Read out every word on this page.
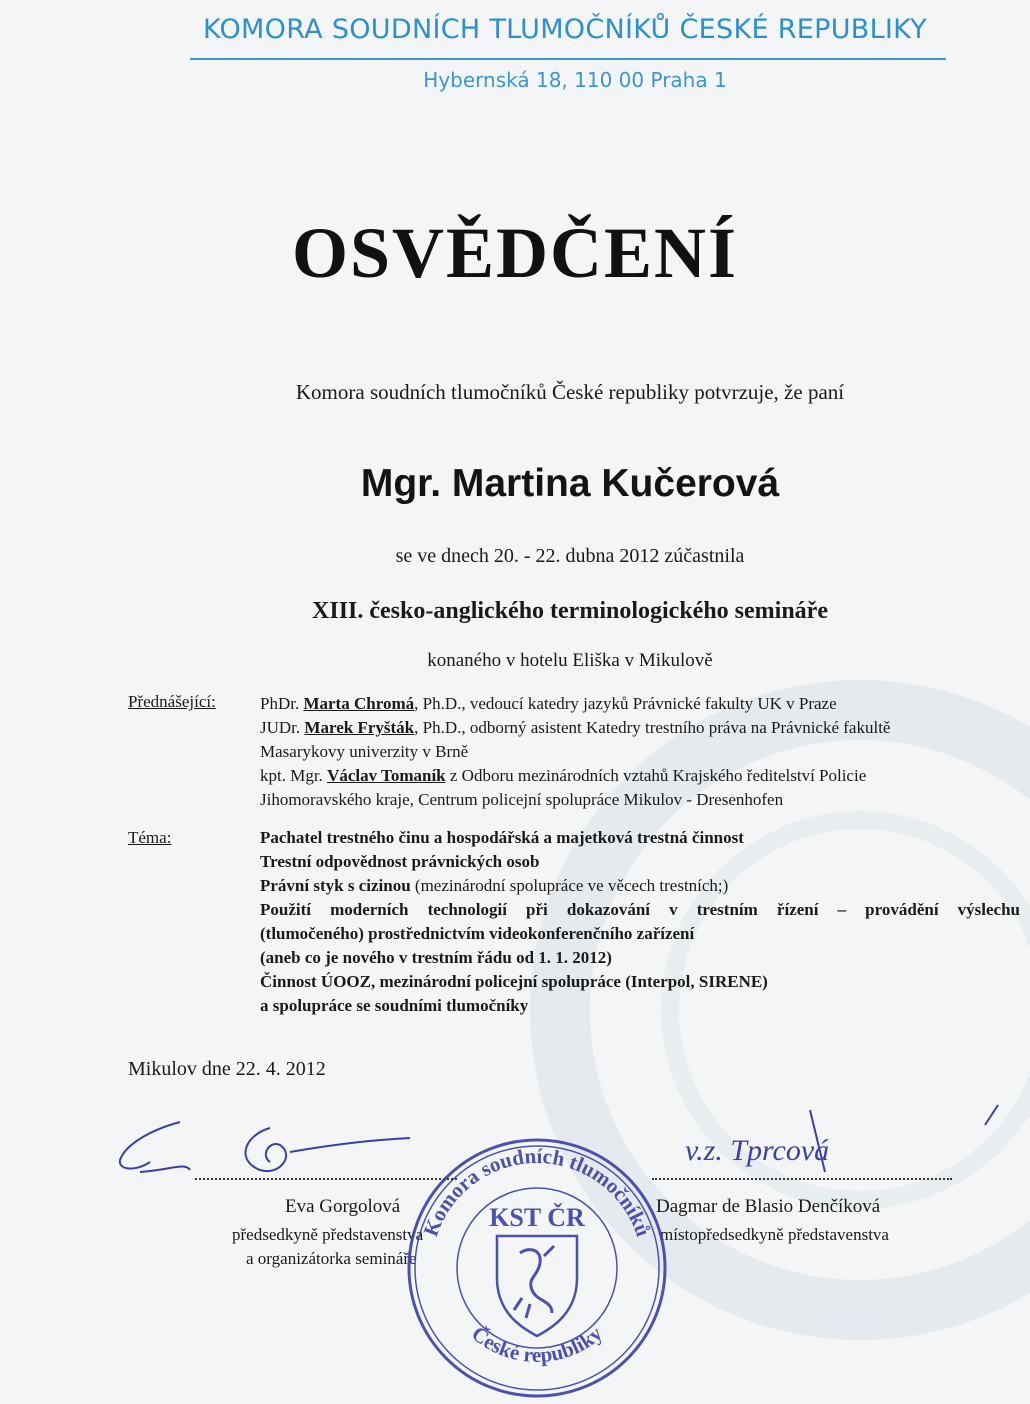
KOMORA SOUDNÍCH TLUMOČNÍKŮ ČESKÉ REPUBLIKY
Hybernská 18, 110 00 Praha 1
OSVĚDČENÍ
Komora soudních tlumočníků České republiky potvrzuje, že paní
Mgr. Martina Kučerová
se ve dnech 20. - 22. dubna 2012 zúčastnila
XIII. česko-anglického terminologického semináře
konaného v hotelu Eliška v Mikulově
Přednášející:	PhDr. Marta Chromá, Ph.D., vedoucí katedry jazyků Právnické fakulty UK v Praze
JUDr. Marek Fryšták, Ph.D., odborný asistent Katedry trestního práva na Právnické fakultě
Masarykovy univerzity v Brně
kpt. Mgr. Václav Tomaník z Odboru mezinárodních vztahů Krajského ředitelství Policie
Jihomoravského kraje, Centrum policejní spolupráce Mikulov - Dresenhofen
Téma:	Pachatel trestného činu a hospodářská a majetková trestná činnost
Trestní odpovědnost právnických osob
Právní styk s cizinou (mezinárodní spolupráce ve věcech trestních;)
Použití moderních technologií při dokazování v trestním řízení – provádění výslechu
(tlumočeného) prostřednictvím videokonferenčního zařízení
(aneb co je nového v trestním řádu od 1. 1. 2012)
Činnost ÚOOZ, mezinárodní policejní spolupráce (Interpol, SIRENE)
a spolupráce se soudními tlumočníky
Mikulov dne 22. 4. 2012
v.z. Tprcová
Eva Gorgolová
předsedkyně představenstva
a organizátorka semináře
Dagmar de Blasio Denčíková
místopředsedkyně představenstva
Komora soudních tlumočníků
České republiky
KST ČR
